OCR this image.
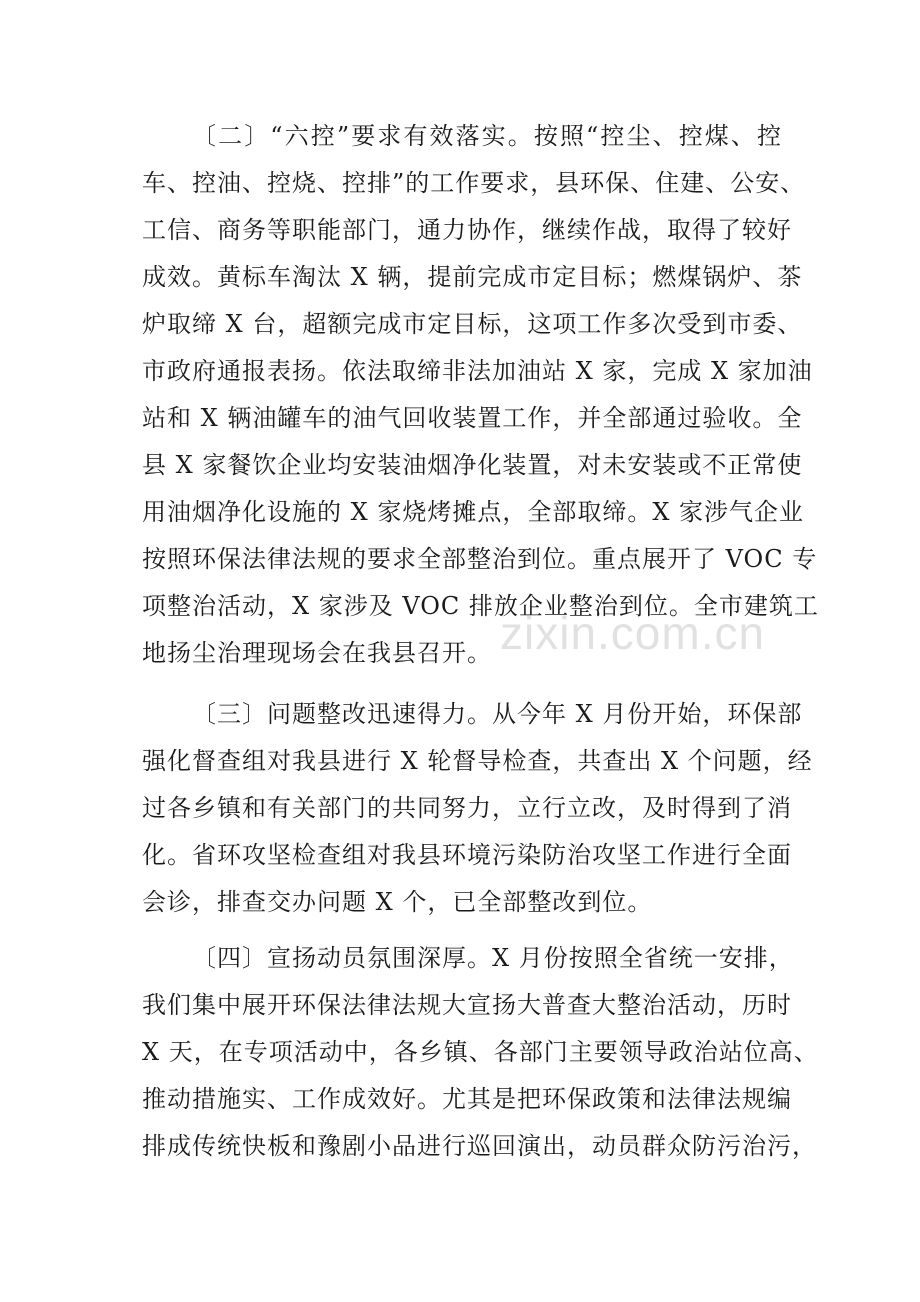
〔二〕“六控”要求有效落实。按照“控尘、控煤、控
车、控油、控烧、控排”的工作要求，县环保、住建、公安、
工信、商务等职能部门，通力协作，继续作战，取得了较好
成效。黄标车淘汰 X 辆，提前完成市定目标；燃煤锅炉、茶
炉取缔 X 台，超额完成市定目标，这项工作多次受到市委、
市政府通报表扬。依法取缔非法加油站 X 家，完成 X 家加油
站和 X 辆油罐车的油气回收装置工作，并全部通过验收。全
县 X 家餐饮企业均安装油烟净化装置，对未安装或不正常使
用油烟净化设施的 X 家烧烤摊点，全部取缔。X 家涉气企业
按照环保法律法规的要求全部整治到位。重点展开了 VOC 专
项整治活动，X 家涉及 VOC 排放企业整治到位。全市建筑工
地扬尘治理现场会在我县召开。
〔三〕问题整改迅速得力。从今年 X 月份开始，环保部
强化督查组对我县进行 X 轮督导检查，共查出 X 个问题，经
过各乡镇和有关部门的共同努力，立行立改，及时得到了消
化。省环攻坚检查组对我县环境污染防治攻坚工作进行全面
会诊，排查交办问题 X 个，已全部整改到位。
〔四〕宣扬动员氛围深厚。X 月份按照全省统一安排，
我们集中展开环保法律法规大宣扬大普查大整治活动，历时
X 天，在专项活动中，各乡镇、各部门主要领导政治站位高、
推动措施实、工作成效好。尤其是把环保政策和法律法规编
排成传统快板和豫剧小品进行巡回演出，动员群众防污治污，
zixin.com.cn
